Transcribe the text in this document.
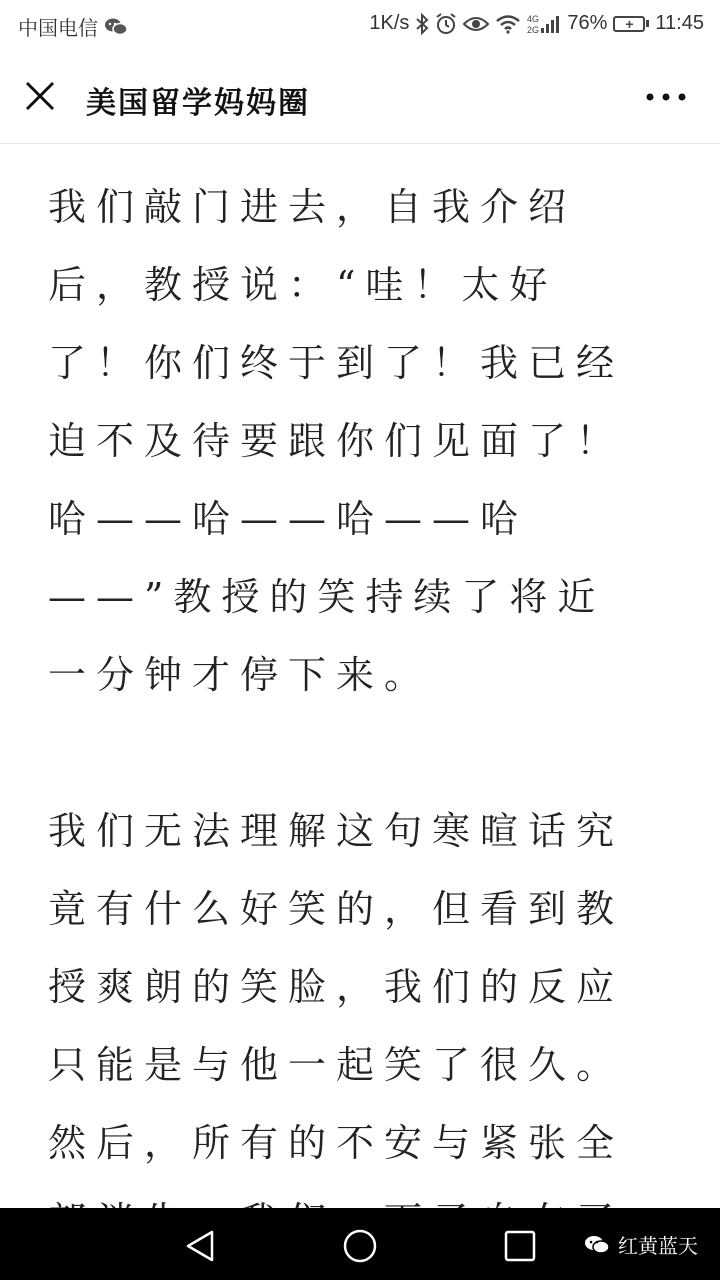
中国电信	1K/s	4G
2G 76%	+	11:45
美国留学妈妈圈

我们敲门进去，自我介绍后，教授说：“哇！太好了！你们终于到了！我已经迫不及待要跟你们见面了！哈——哈——哈——哈——”教授的笑持续了将近一分钟才停下来。

我们无法理解这句寒暄话究竟有什么好笑的，但看到教授爽朗的笑脸，我们的反应只能是与他一起笑了很久。然后，所有的不安与紧张全

红黄蓝天
